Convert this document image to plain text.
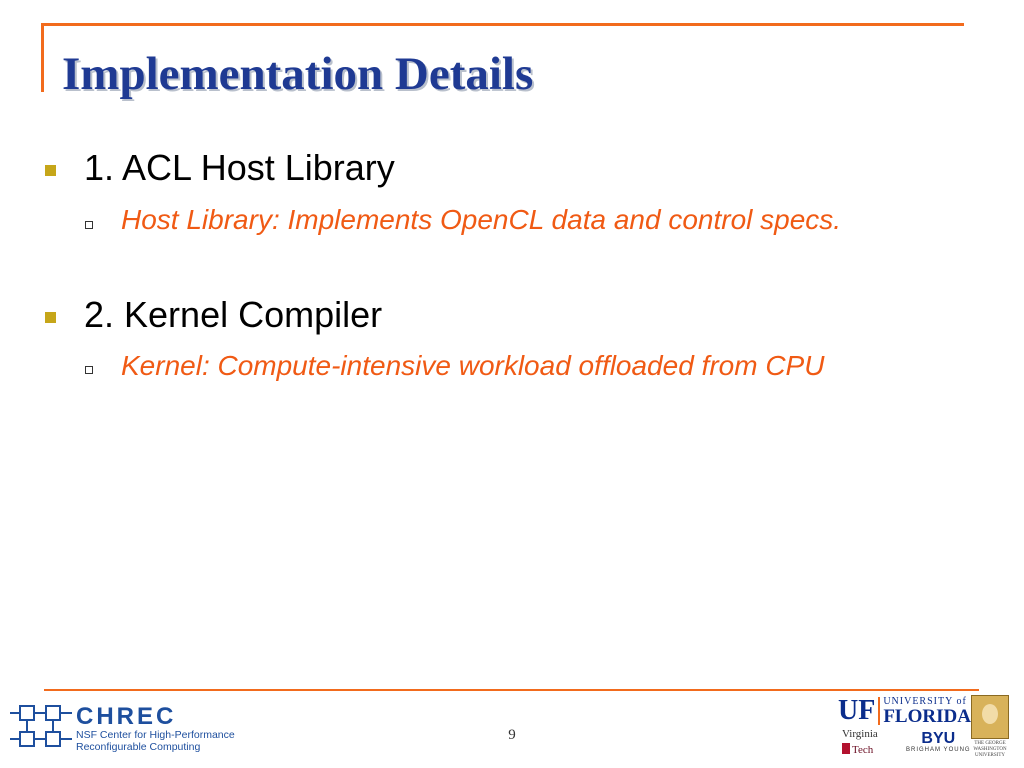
Implementation Details

1. ACL Host Library

Host Library: Implements OpenCL data and control specs.

2. Kernel Compiler

Kernel: Compute-intensive workload offloaded from CPU

CHREC
NSF Center for High-Performance
Reconfigurable Computing
9
UF UNIVERSITY of
FLORIDA
Virginia
Tech
BYU
BRIGHAM YOUNG
THE GEORGE
WASHINGTON
UNIVERSITY
